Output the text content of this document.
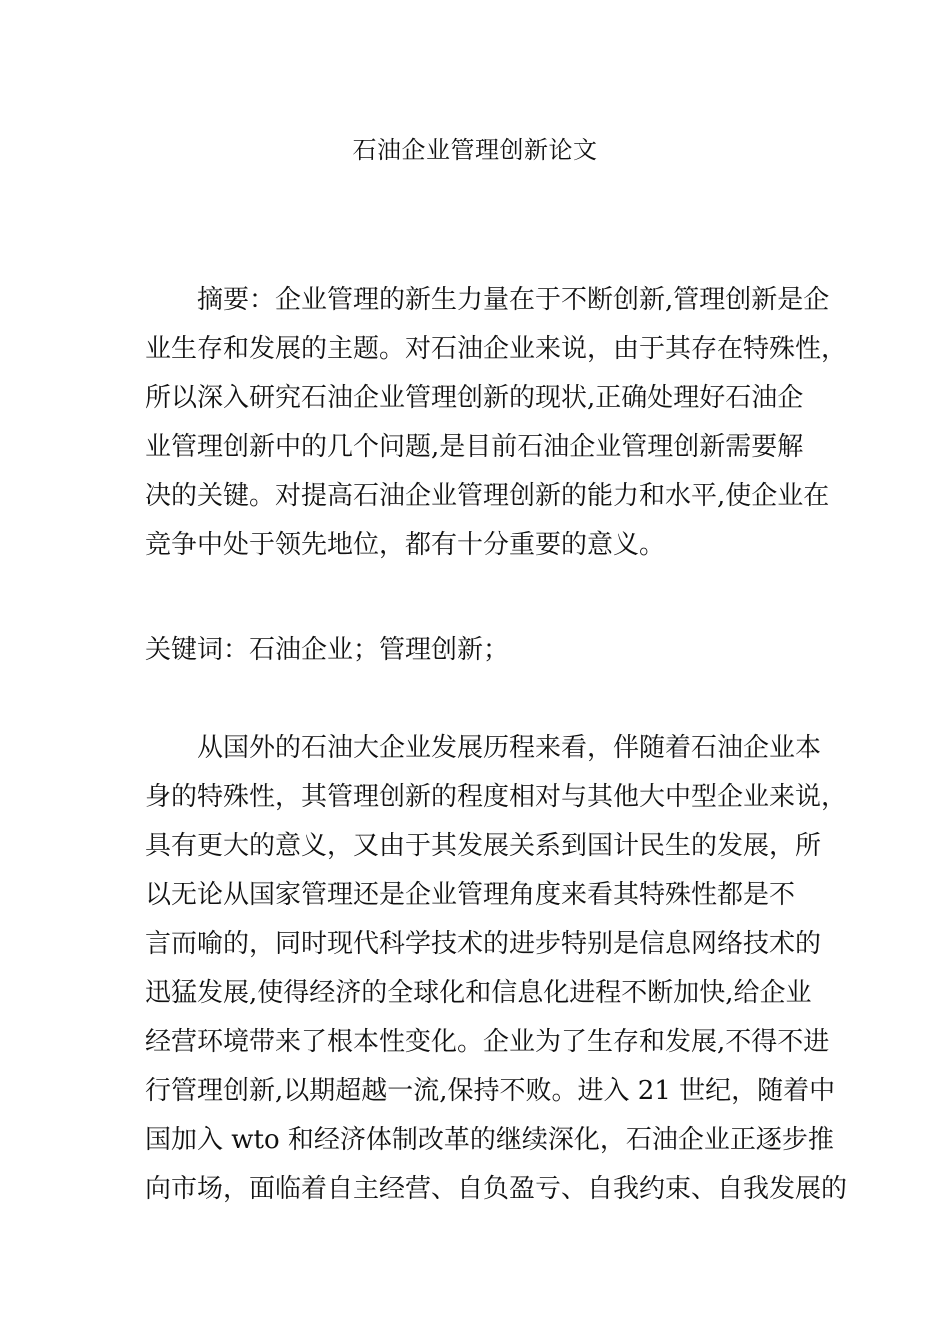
石油企业管理创新论文
摘要：企业管理的新生力量在于不断创新,管理创新是企
业生存和发展的主题。对石油企业来说，由于其存在特殊性，
所以深入研究石油企业管理创新的现状,正确处理好石油企
业管理创新中的几个问题,是目前石油企业管理创新需要解
决的关键。对提高石油企业管理创新的能力和水平,使企业在
竞争中处于领先地位，都有十分重要的意义。
关键词：石油企业；管理创新；
从国外的石油大企业发展历程来看，伴随着石油企业本
身的特殊性，其管理创新的程度相对与其他大中型企业来说，
具有更大的意义，又由于其发展关系到国计民生的发展，所
以无论从国家管理还是企业管理角度来看其特殊性都是不
言而喻的，同时现代科学技术的进步特别是信息网络技术的
迅猛发展,使得经济的全球化和信息化进程不断加快,给企业
经营环境带来了根本性变化。企业为了生存和发展,不得不进
行管理创新,以期超越一流,保持不败。进入 21 世纪，随着中
国加入 wto 和经济体制改革的继续深化，石油企业正逐步推
向市场，面临着自主经营、自负盈亏、自我约束、自我发展的
